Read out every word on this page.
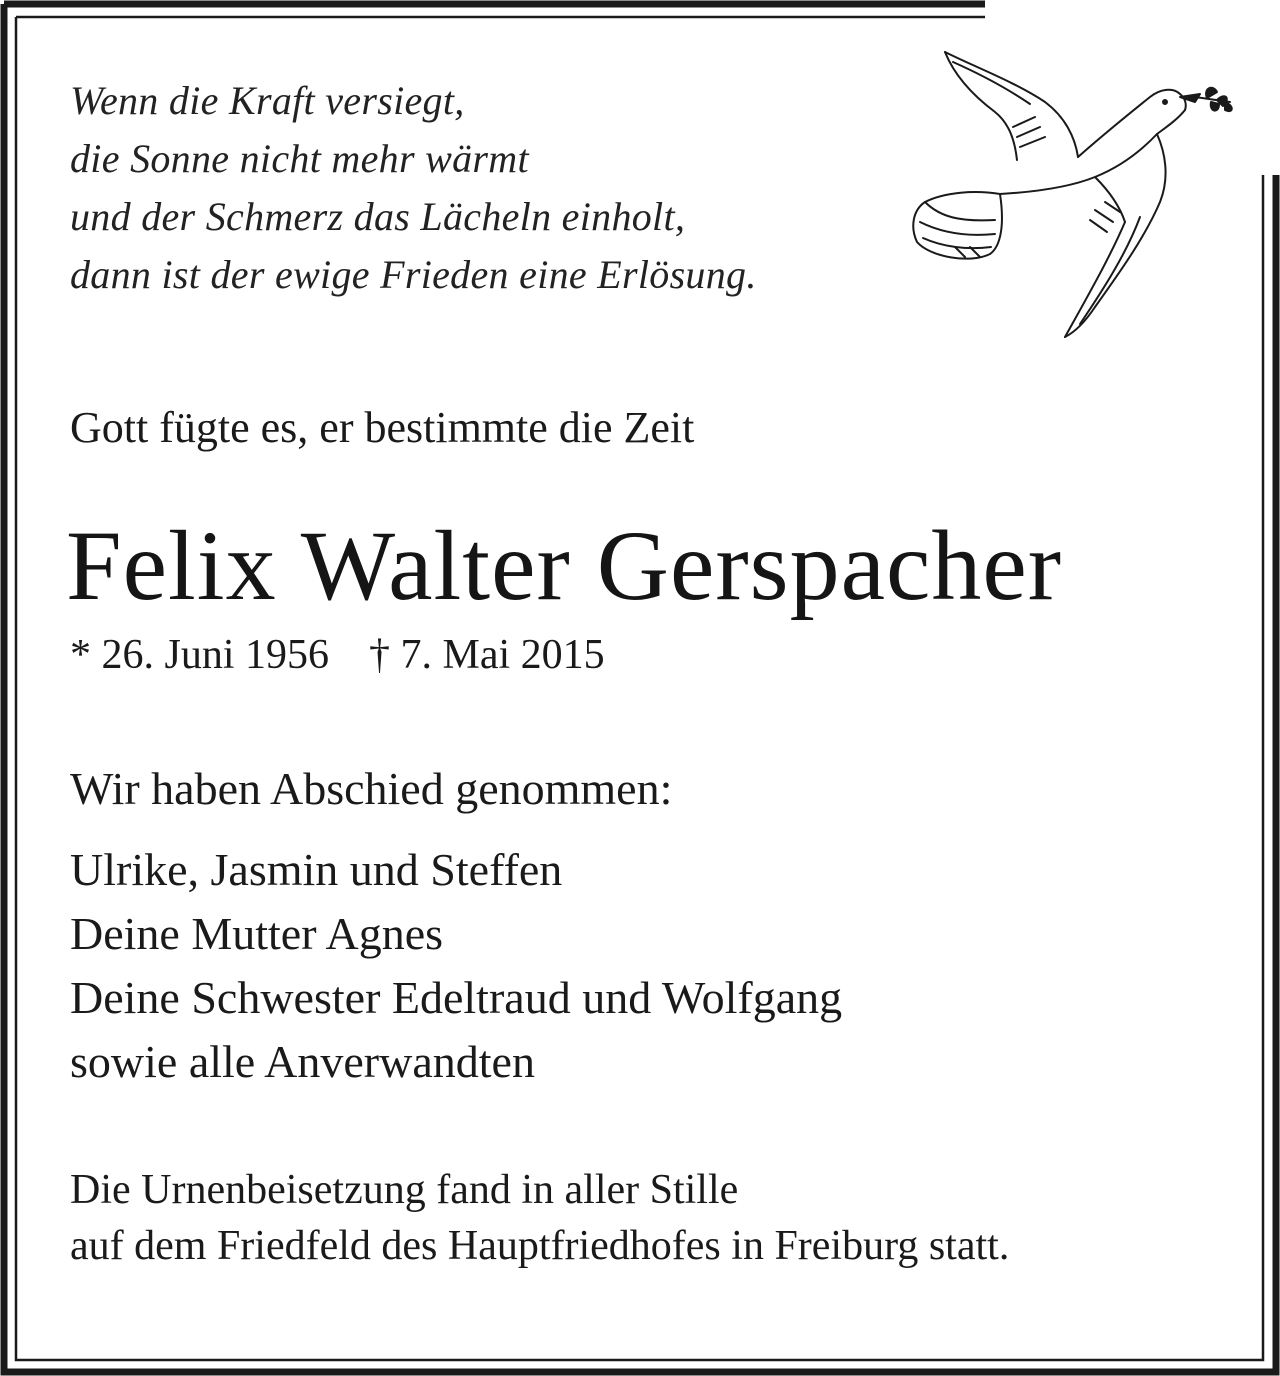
Wenn die Kraft versiegt,
die Sonne nicht mehr wärmt
und der Schmerz das Lächeln einholt,
dann ist der ewige Frieden eine Erlösung.
Gott fügte es, er bestimmte die Zeit
Felix Walter Gerspacher
* 26. Juni 1956 † 7. Mai 2015
Wir haben Abschied genommen:
Ulrike, Jasmin und Steffen
Deine Mutter Agnes
Deine Schwester Edeltraud und Wolfgang
sowie alle Anverwandten
Die Urnenbeisetzung fand in aller Stille
auf dem Friedfeld des Hauptfriedhofes in Freiburg statt.
